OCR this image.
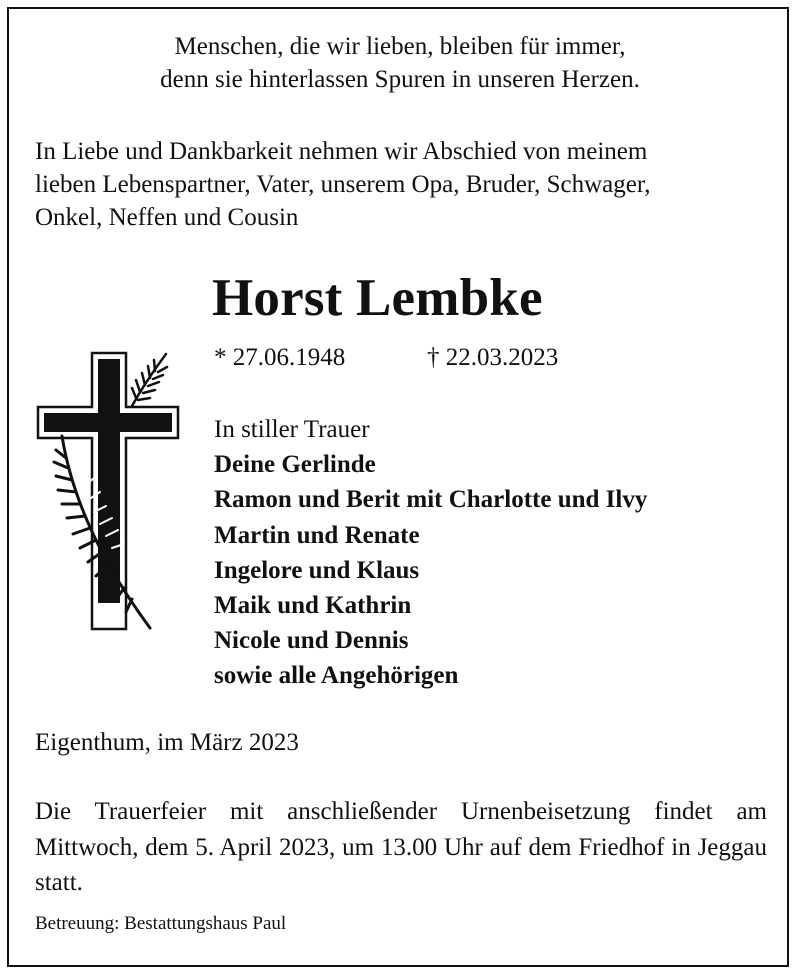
Menschen, die wir lieben, bleiben für immer,
denn sie hinterlassen Spuren in unseren Herzen.
In Liebe und Dankbarkeit nehmen wir Abschied von meinem
lieben Lebenspartner, Vater, unserem Opa, Bruder, Schwager,
Onkel, Neffen und Cousin
Horst Lembke
* 27.06.1948	† 22.03.2023
In stiller Trauer
Deine Gerlinde
Ramon und Berit mit Charlotte und Ilvy
Martin und Renate
Ingelore und Klaus
Maik und Kathrin
Nicole und Dennis
sowie alle Angehörigen
Eigenthum, im März 2023
Die Trauerfeier mit anschließender Urnenbeisetzung findet am Mittwoch, dem 5. April 2023, um 13.00 Uhr auf dem Friedhof in Jeggau statt.
Betreuung: Bestattungshaus Paul
